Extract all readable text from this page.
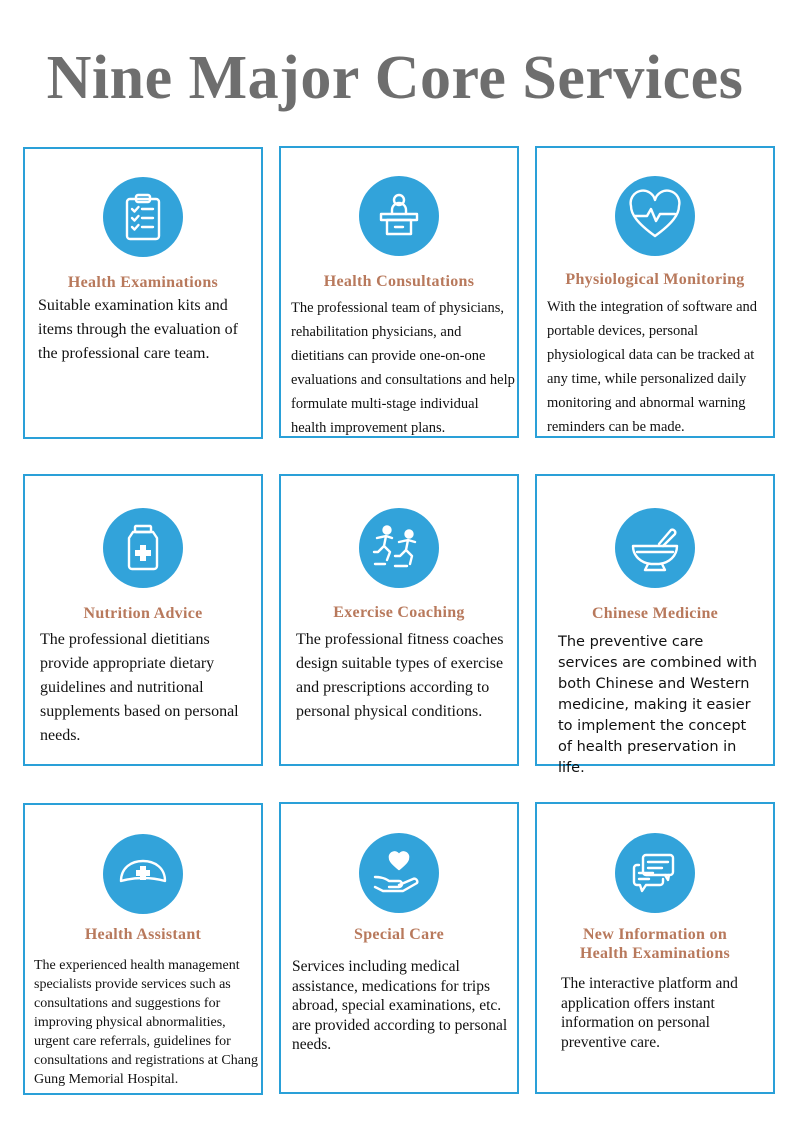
Nine Major Core Services

Health Examinations

Suitable examination kits and items through the evaluation of the professional care team.

Health Consultations

The professional team of physicians, rehabilitation physicians, and dietitians can provide one-on-one evaluations and consultations and help formulate multi-stage individual health improvement plans.

Physiological Monitoring

With the integration of software and portable devices, personal physiological data can be tracked at any time, while personalized daily monitoring and abnormal warning reminders can be made.

Nutrition Advice

The professional dietitians provide appropriate dietary guidelines and nutritional supplements based on personal needs.

Exercise Coaching

The professional fitness coaches design suitable types of exercise and prescriptions according to personal physical conditions.

Chinese Medicine

The preventive care services are combined with both Chinese and Western medicine, making it easier to implement the concept of health preservation in life.

Health Assistant

The experienced health management specialists provide services such as consultations and suggestions for improving physical abnormalities, urgent care referrals, guidelines for consultations and registrations at Chang Gung Memorial Hospital.

Special Care

Services including medical assistance, medications for trips abroad, special examinations, etc. are provided according to personal needs.

New Information on

Health Examinations

The interactive platform and application offers instant information on personal preventive care.
